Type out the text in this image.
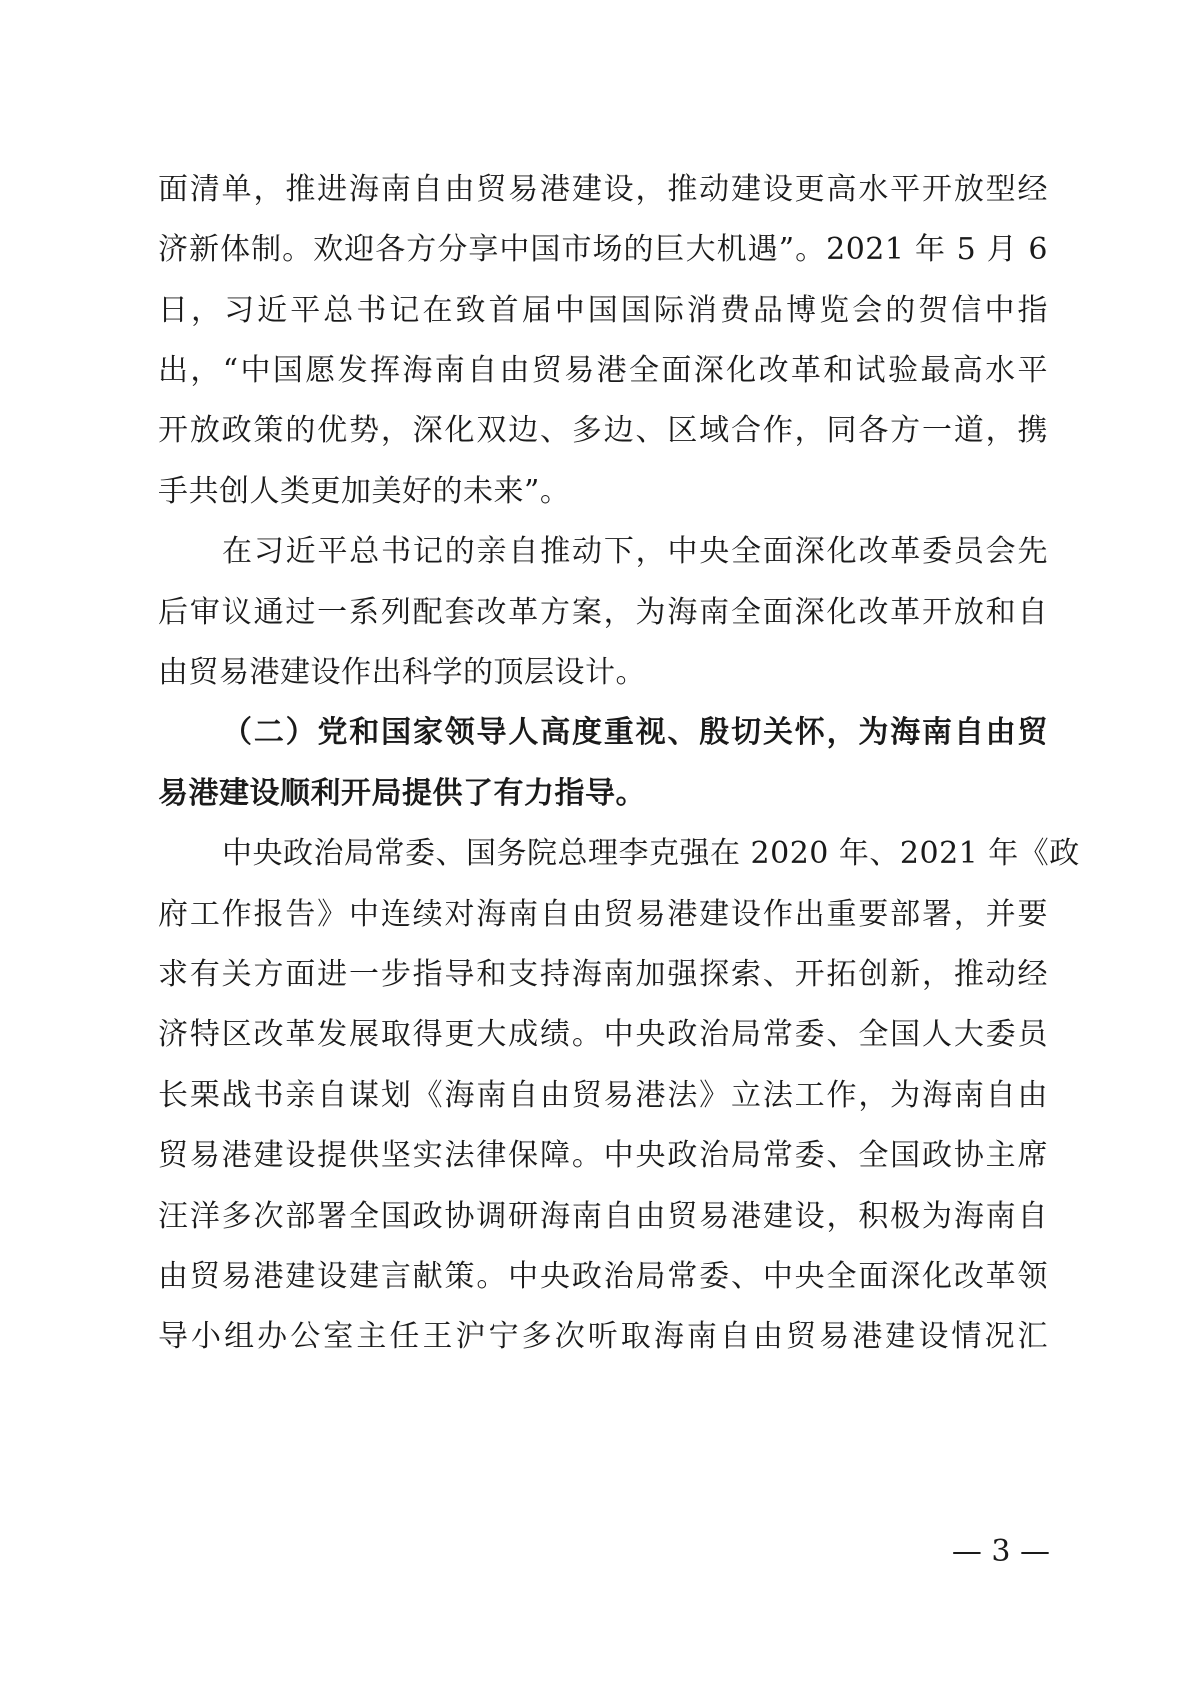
面清单，推进海南自由贸易港建设，推动建设更高水平开放型经
济新体制。欢迎各方分享中国市场的巨大机遇”。2021 年 5 月 6
日，习近平总书记在致首届中国国际消费品博览会的贺信中指
出，“中国愿发挥海南自由贸易港全面深化改革和试验最高水平
开放政策的优势，深化双边、多边、区域合作，同各方一道，携
手共创人类更加美好的未来”。
在习近平总书记的亲自推动下，中央全面深化改革委员会先
后审议通过一系列配套改革方案，为海南全面深化改革开放和自
由贸易港建设作出科学的顶层设计。
（二）党和国家领导人高度重视、殷切关怀，为海南自由贸
易港建设顺利开局提供了有力指导。
中央政治局常委、国务院总理李克强在 2020 年、2021 年《政
府工作报告》中连续对海南自由贸易港建设作出重要部署，并要
求有关方面进一步指导和支持海南加强探索、开拓创新，推动经
济特区改革发展取得更大成绩。中央政治局常委、全国人大委员
长栗战书亲自谋划《海南自由贸易港法》立法工作，为海南自由
贸易港建设提供坚实法律保障。中央政治局常委、全国政协主席
汪洋多次部署全国政协调研海南自由贸易港建设，积极为海南自
由贸易港建设建言献策。中央政治局常委、中央全面深化改革领
导小组办公室主任王沪宁多次听取海南自由贸易港建设情况汇
— 3 —
